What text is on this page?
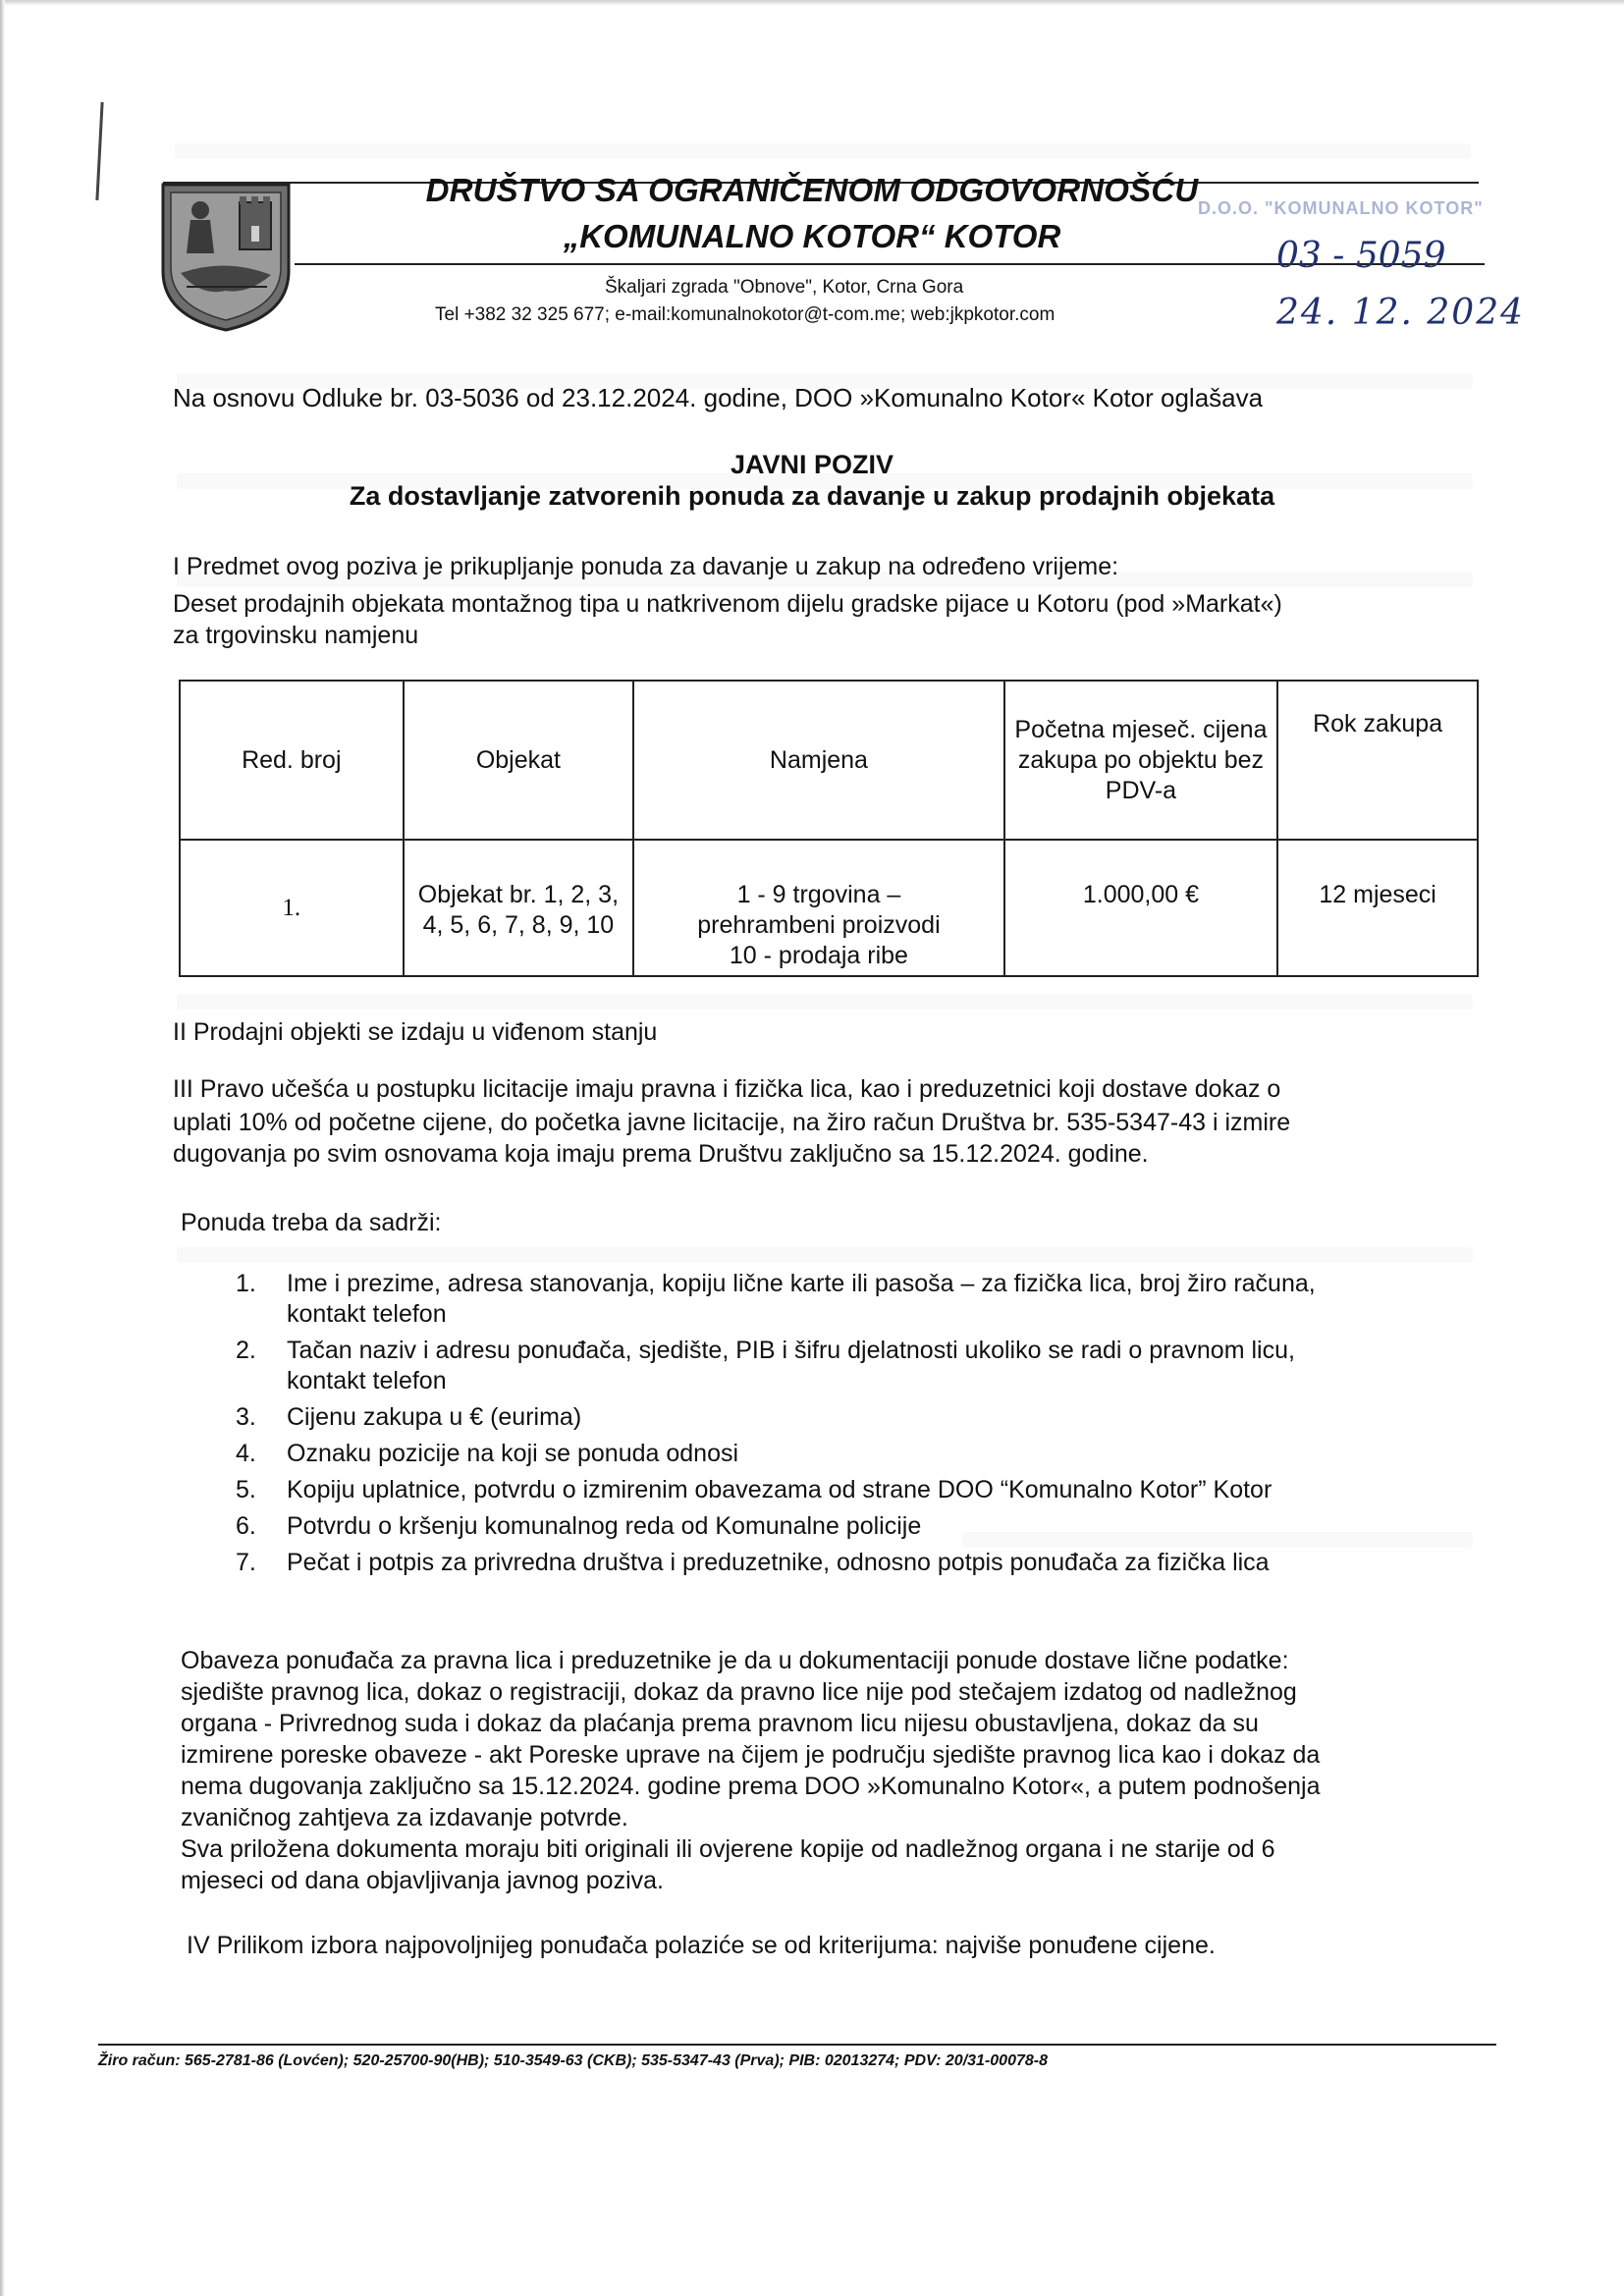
DRUŠTVO SA OGRANIČENOM ODGOVORNOŠĆU
„KOMUNALNO KOTOR“ KOTOR
Škaljari zgrada "Obnove", Kotor, Crna Gora
Tel +382 32 325 677; e-mail:komunalnokotor@t-com.me; web:jkpkotor.com
D.O.O. "KOMUNALNO KOTOR"
03 - 5059
24. 12. 2024
Na osnovu Odluke br. 03-5036 od 23.12.2024. godine, DOO »Komunalno Kotor« Kotor oglašava
JAVNI POZIV
Za dostavljanje zatvorenih ponuda za davanje u zakup prodajnih objekata
I Predmet ovog poziva je prikupljanje ponuda za davanje u zakup na određeno vrijeme:
Deset prodajnih objekata montažnog tipa u natkrivenom dijelu gradske pijace u Kotoru (pod »Markat«)
za trgovinsku namjenu
Red. broj	Objekat	Namjena	Početna mjeseč. cijena zakupa po objektu bez PDV-a	Rok zakupa
1.	Objekat br. 1, 2, 3, 4, 5, 6, 7, 8, 9, 10	1 - 9 trgovina –
prehrambeni proizvodi
10 - prodaja ribe	1.000,00 €	12 mjeseci
II Prodajni objekti se izdaju u viđenom stanju
III Pravo učešća u postupku licitacije imaju pravna i fizička lica, kao i preduzetnici koji dostave dokaz o
uplati 10% od početne cijene, do početka javne licitacije, na žiro račun Društva br. 535-5347-43 i izmire
dugovanja po svim osnovama koja imaju prema Društvu zaključno sa 15.12.2024. godine.
Ponuda treba da sadrži:
1. Ime i prezime, adresa stanovanja, kopiju lične karte ili pasoša – za fizička lica, broj žiro računa,
kontakt telefon
2. Tačan naziv i adresu ponuđača, sjedište, PIB i šifru djelatnosti ukoliko se radi o pravnom licu,
kontakt telefon
3. Cijenu zakupa u € (eurima)
4. Oznaku pozicije na koji se ponuda odnosi
5. Kopiju uplatnice, potvrdu o izmirenim obavezama od strane DOO “Komunalno Kotor” Kotor
6. Potvrdu o kršenju komunalnog reda od Komunalne policije
7. Pečat i potpis za privredna društva i preduzetnike, odnosno potpis ponuđača za fizička lica
Obaveza ponuđača za pravna lica i preduzetnike je da u dokumentaciji ponude dostave lične podatke:
sjedište pravnog lica, dokaz o registraciji, dokaz da pravno lice nije pod stečajem izdatog od nadležnog
organa - Privrednog suda i dokaz da plaćanja prema pravnom licu nijesu obustavljena, dokaz da su
izmirene poreske obaveze - akt Poreske uprave na čijem je području sjedište pravnog lica kao i dokaz da
nema dugovanja zaključno sa 15.12.2024. godine prema DOO »Komunalno Kotor«, a putem podnošenja
zvaničnog zahtjeva za izdavanje potvrde.
Sva priložena dokumenta moraju biti originali ili ovjerene kopije od nadležnog organa i ne starije od 6
mjeseci od dana objavljivanja javnog poziva.
IV Prilikom izbora najpovoljnijeg ponuđača polaziće se od kriterijuma: najviše ponuđene cijene.
Žiro račun: 565-2781-86 (Lovćen); 520-25700-90(HB); 510-3549-63 (CKB); 535-5347-43 (Prva); PIB: 02013274; PDV: 20/31-00078-8
